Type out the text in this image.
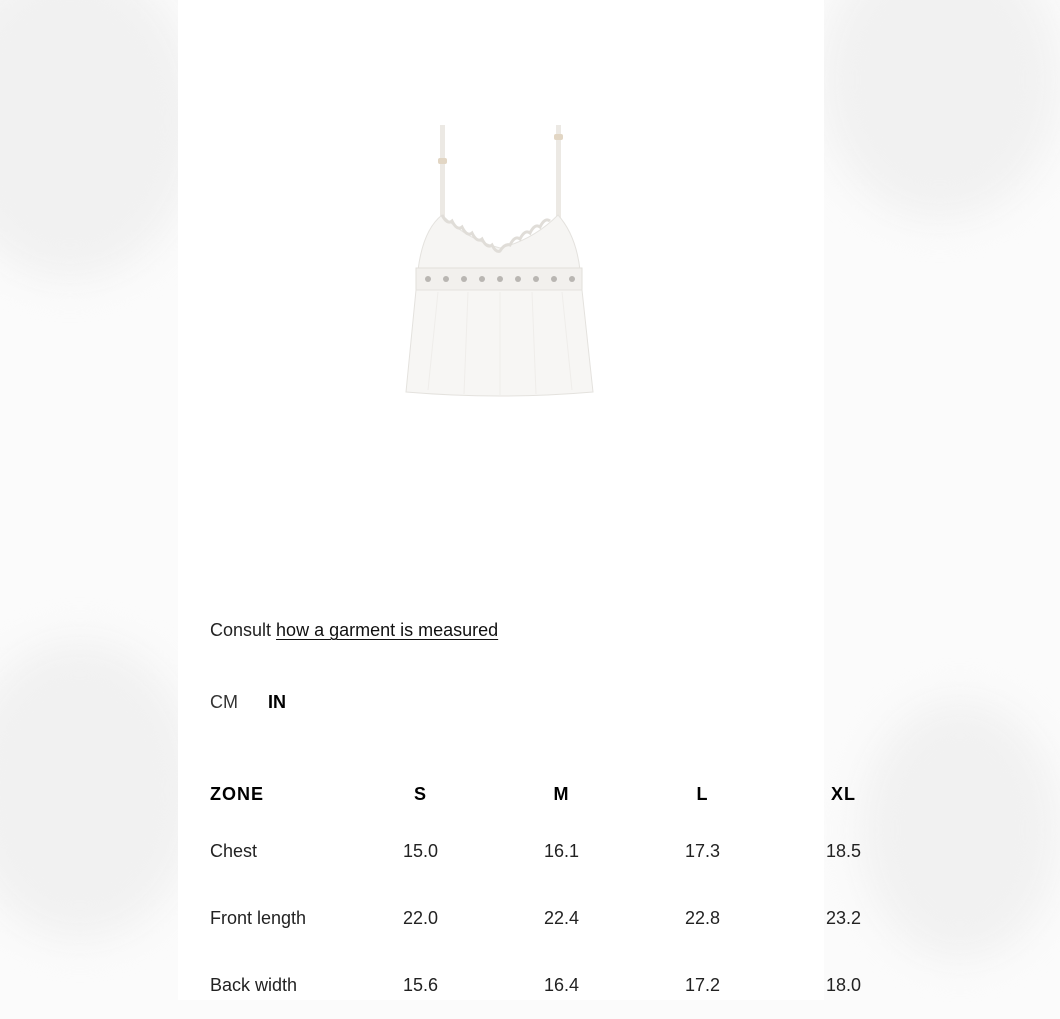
Consult how a garment is measured
CM IN
ZONE	S	M	L	XL
Chest	15.0	16.1	17.3	18.5
Front length	22.0	22.4	22.8	23.2
Back width	15.6	16.4	17.2	18.0
